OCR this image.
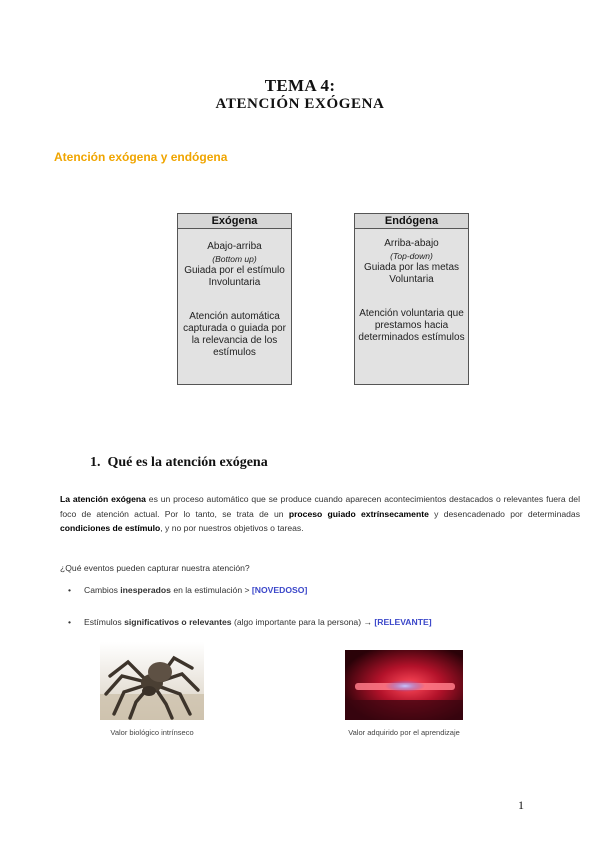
TEMA 4:
ATENCIÓN EXÓGENA
Atención exógena y endógena
Exógena
Abajo-arriba
(Bottom up)
Guiada por el estímulo
Involuntaria
Atención automática
capturada o guiada por
la relevancia de los
estímulos
Endógena
Arriba-abajo
(Top-down)
Guiada por las metas
Voluntaria
Atención voluntaria que
prestamos hacia
determinados estímulos
1. Qué es la atención exógena
La atención exógena es un proceso automático que se produce cuando aparecen acontecimientos destacados o relevantes fuera del foco de atención actual. Por lo tanto, se trata de un proceso guiado extrínsecamente y desencadenado por determinadas condiciones de estímulo, y no por nuestros objetivos o tareas.
¿Qué eventos pueden capturar nuestra atención?
• Cambios inesperados en la estimulación > [NOVEDOSO]
• Estímulos significativos o relevantes (algo importante para la persona) → [RELEVANTE]
Valor biológico intrínseco	Valor adquirido por el aprendizaje
1
